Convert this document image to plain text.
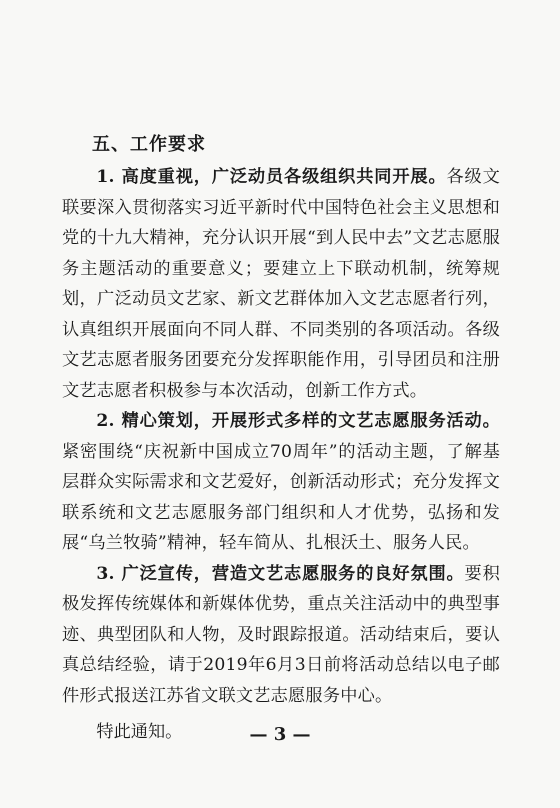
五、工作要求

1. 高度重视，广泛动员各级组织共同开展。各级文联要深入贯彻落实习近平新时代中国特色社会主义思想和党的十九大精神，充分认识开展“到人民中去”文艺志愿服务主题活动的重要意义；要建立上下联动机制，统筹规划，广泛动员文艺家、新文艺群体加入文艺志愿者行列，认真组织开展面向不同人群、不同类别的各项活动。各级文艺志愿者服务团要充分发挥职能作用，引导团员和注册文艺志愿者积极参与本次活动，创新工作方式。

2. 精心策划，开展形式多样的文艺志愿服务活动。紧密围绕“庆祝新中国成立70周年”的活动主题，了解基层群众实际需求和文艺爱好，创新活动形式；充分发挥文联系统和文艺志愿服务部门组织和人才优势，弘扬和发展“乌兰牧骑”精神，轻车简从、扎根沃土、服务人民。

3. 广泛宣传，营造文艺志愿服务的良好氛围。要积极发挥传统媒体和新媒体优势，重点关注活动中的典型事迹、典型团队和人物，及时跟踪报道。活动结束后，要认真总结经验，请于2019年6月3日前将活动总结以电子邮件形式报送江苏省文联文艺志愿服务中心。

特此通知。	— 3 —
